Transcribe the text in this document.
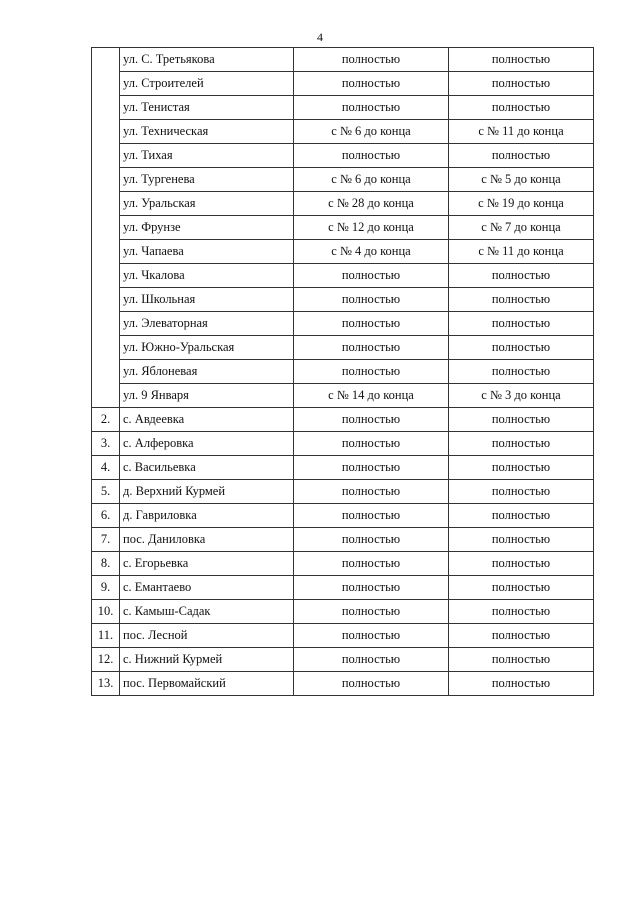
4
	ул. С. Третьякова	полностью	полностью
	ул. Строителей	полностью	полностью
	ул. Тенистая	полностью	полностью
	ул. Техническая	с № 6 до конца	с № 11 до конца
	ул. Тихая	полностью	полностью
	ул. Тургенева	с № 6 до конца	с № 5 до конца
	ул. Уральская	с № 28 до конца	с № 19 до конца
	ул. Фрунзе	с № 12 до конца	с № 7 до конца
	ул. Чапаева	с № 4 до конца	с № 11 до конца
	ул. Чкалова	полностью	полностью
	ул. Школьная	полностью	полностью
	ул. Элеваторная	полностью	полностью
	ул. Южно-Уральская	полностью	полностью
	ул. Яблоневая	полностью	полностью
	ул. 9 Января	с № 14 до конца	с № 3 до конца
2.	с. Авдеевка	полностью	полностью
3.	с. Алферовка	полностью	полностью
4.	с. Васильевка	полностью	полностью
5.	д. Верхний Курмей	полностью	полностью
6.	д. Гавриловка	полностью	полностью
7.	пос. Даниловка	полностью	полностью
8.	с. Егорьевка	полностью	полностью
9.	с. Емантаево	полностью	полностью
10.	с. Камыш-Садак	полностью	полностью
11.	пос. Лесной	полностью	полностью
12.	с. Нижний Курмей	полностью	полностью
13.	пос. Первомайский	полностью	полностью
